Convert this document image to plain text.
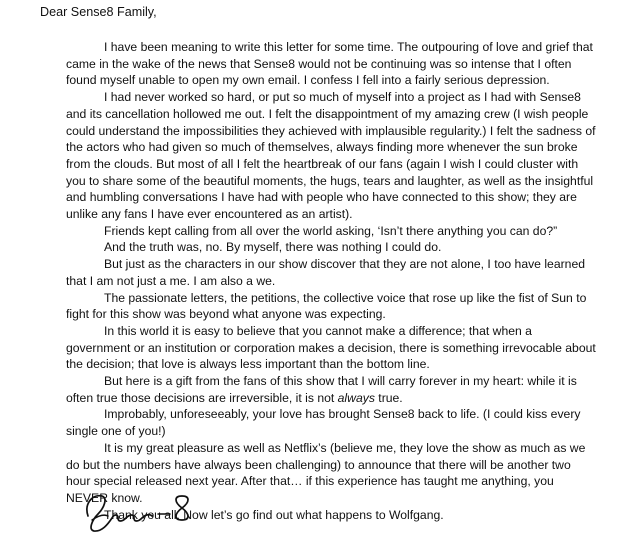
Dear Sense8 Family,

I have been meaning to write this letter for some time. The outpouring of love and grief that came in the wake of the news that Sense8 would not be continuing was so intense that I often found myself unable to open my own email. I confess I fell into a fairly serious depression.

I had never worked so hard, or put so much of myself into a project as I had with Sense8 and its cancellation hollowed me out. I felt the disappointment of my amazing crew (I wish people could understand the impossibilities they achieved with implausible regularity.) I felt the sadness of the actors who had given so much of themselves, always finding more whenever the sun broke from the clouds. But most of all I felt the heartbreak of our fans (again I wish I could cluster with you to share some of the beautiful moments, the hugs, tears and laughter, as well as the insightful and humbling conversations I have had with people who have connected to this show; they are unlike any fans I have ever encountered as an artist).

Friends kept calling from all over the world asking, ‘Isn’t there anything you can do?”

And the truth was, no. By myself, there was nothing I could do.

But just as the characters in our show discover that they are not alone, I too have learned that I am not just a me. I am also a we.

The passionate letters, the petitions, the collective voice that rose up like the fist of Sun to fight for this show was beyond what anyone was expecting.

In this world it is easy to believe that you cannot make a difference; that when a government or an institution or corporation makes a decision, there is something irrevocable about the decision; that love is always less important than the bottom line.

But here is a gift from the fans of this show that I will carry forever in my heart: while it is often true those decisions are irreversible, it is not always true.

Improbably, unforeseeably, your love has brought Sense8 back to life. (I could kiss every single one of you!)

It is my great pleasure as well as Netflix’s (believe me, they love the show as much as we do but the numbers have always been challenging) to announce that there will be another two hour special released next year. After that… if this experience has taught me anything, you NEVER know.

Thank you all. Now let’s go find out what happens to Wolfgang.
